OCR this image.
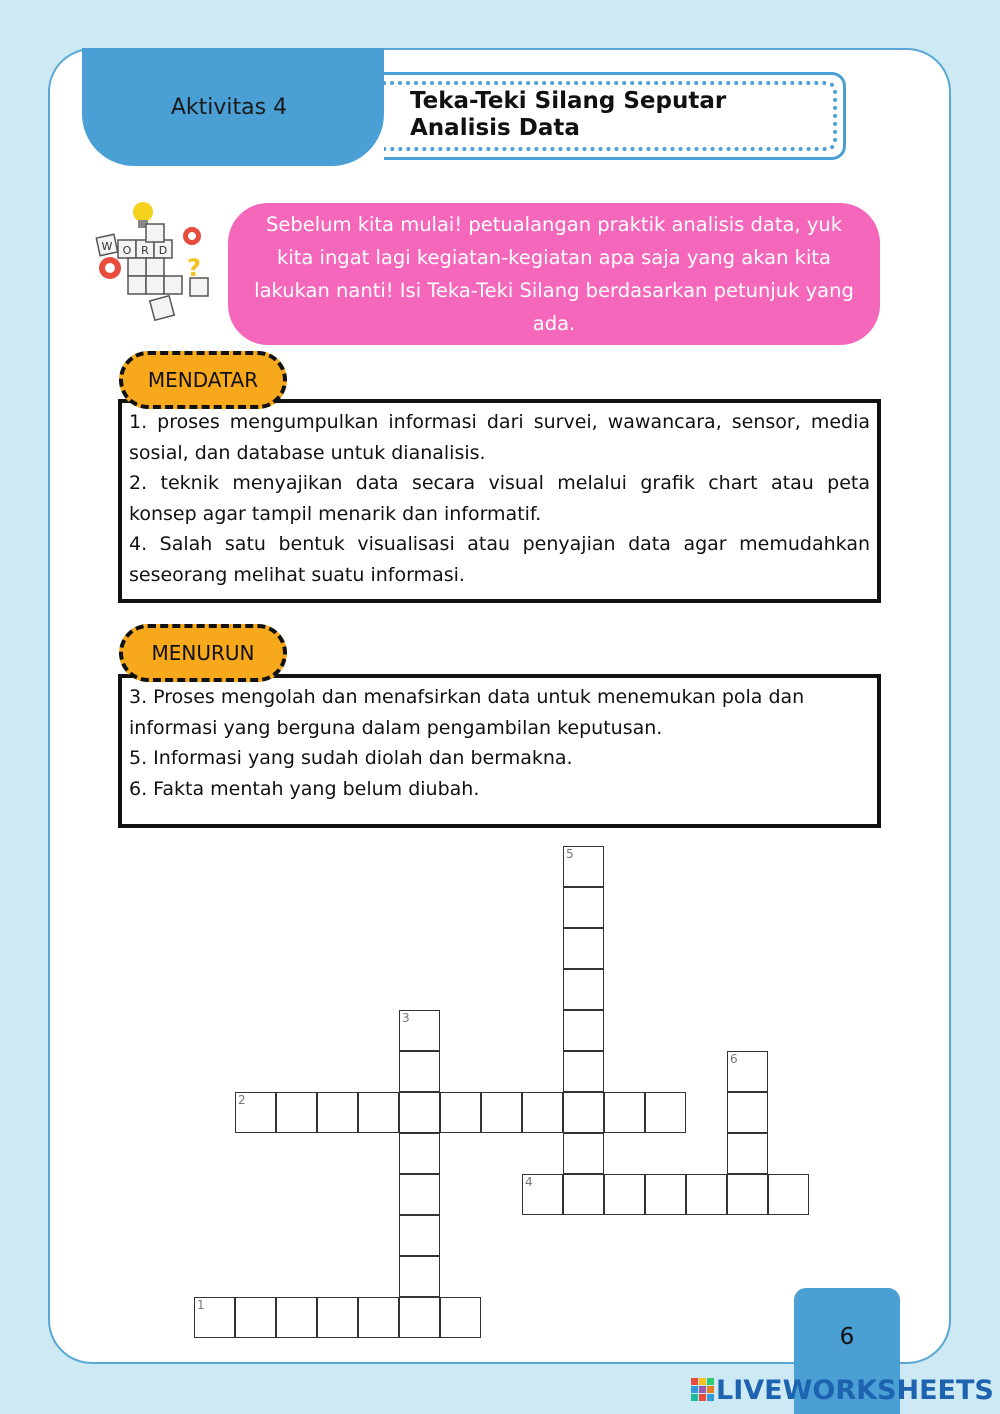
Aktivitas 4	Teka-Teki Silang Seputar
Analisis Data
W O R D
?
Sebelum kita mulai! petualangan praktik analisis data, yuk kita ingat lagi kegiatan-kegiatan apa saja yang akan kita lakukan nanti! Isi Teka-Teki Silang berdasarkan petunjuk yang ada.
MENDATAR

1. proses mengumpulkan informasi dari survei, wawancara, sensor, media sosial, dan database untuk dianalisis.

2. teknik menyajikan data secara visual melalui grafik chart atau peta konsep agar tampil menarik dan informatif.

4. Salah satu bentuk visualisasi atau penyajian data agar memudahkan seseorang melihat suatu informasi.

MENURUN

3. Proses mengolah dan menafsirkan data untuk menemukan pola dan informasi yang berguna dalam pengambilan keputusan.

5. Informasi yang sudah diolah dan bermakna.

6. Fakta mentah yang belum diubah.

1
2
3
4
5
6
6
LIVEWORKSHEETS
